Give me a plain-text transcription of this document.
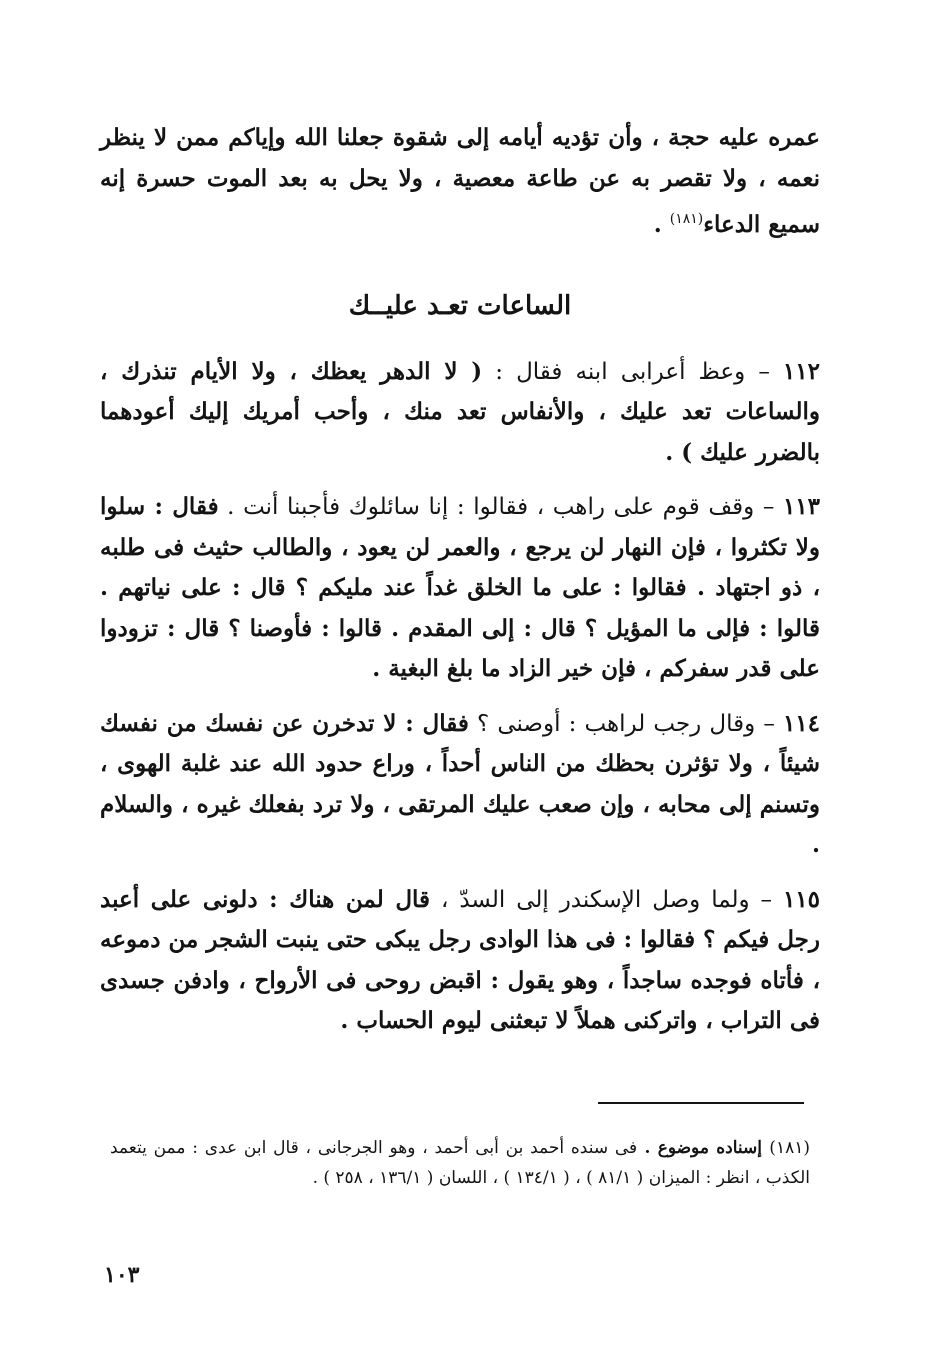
عمره عليه حجة ، وأن تؤديه أيامه إلى شقوة جعلنا الله وإياكم ممن لا ينظر نعمه ، ولا تقصر به عن طاعة معصية ، ولا يحل به بعد الموت حسرة إنه سميع الدعاء$^{(١٨١)}$ .

الساعات تعـد عليــك

١١٢ – وعظ أعرابى ابنه فقال : ( لا الدهر يعظك ، ولا الأيام تنذرك ، والساعات تعد عليك ، والأنفاس تعد منك ، وأحب أمريك إليك أعودهما بالضرر عليك ) .

١١٣ – وقف قوم على راهب ، فقالوا : إنا سائلوك فأجبنا أنت . فقال : سلوا ولا تكثروا ، فإن النهار لن يرجع ، والعمر لن يعود ، والطالب حثيث فى طلبه ، ذو اجتهاد . فقالوا : على ما الخلق غداً عند مليكم ؟ قال : على نياتهم . قالوا : فإلى ما المؤيل ؟ قال : إلى المقدم . قالوا : فأوصنا ؟ قال : تزودوا على قدر سفركم ، فإن خير الزاد ما بلغ البغية .

١١٤ – وقال رجب لراهب : أوصنى ؟ فقال : لا تدخرن عن نفسك من نفسك شيئاً ، ولا تؤثرن بحظك من الناس أحداً ، وراع حدود الله عند غلبة الهوى ، وتسنم إلى محابه ، وإن صعب عليك المرتقى ، ولا ترد بفعلك غيره ، والسلام .

١١٥ – ولما وصل الإسكندر إلى السدّ ، قال لمن هناك : دلونى على أعبد رجل فيكم ؟ فقالوا : فى هذا الوادى رجل يبكى حتى ينبت الشجر من دموعه ، فأتاه فوجده ساجداً ، وهو يقول : اقبض روحى فى الأرواح ، وادفن جسدى فى التراب ، واتركنى هملاً لا تبعثنى ليوم الحساب .

(١٨١) إسناده موضوع . فى سنده أحمد بن أبى أحمد ، وهو الجرجانى ، قال ابن عدى : ممن يتعمد الكذب ، انظر : الميزان ( ٨١/١ ) ، ( ١٣٤/١ ) ، اللسان ( ١٣٦/١ ، ٢٥٨ ) .

١٠٣
